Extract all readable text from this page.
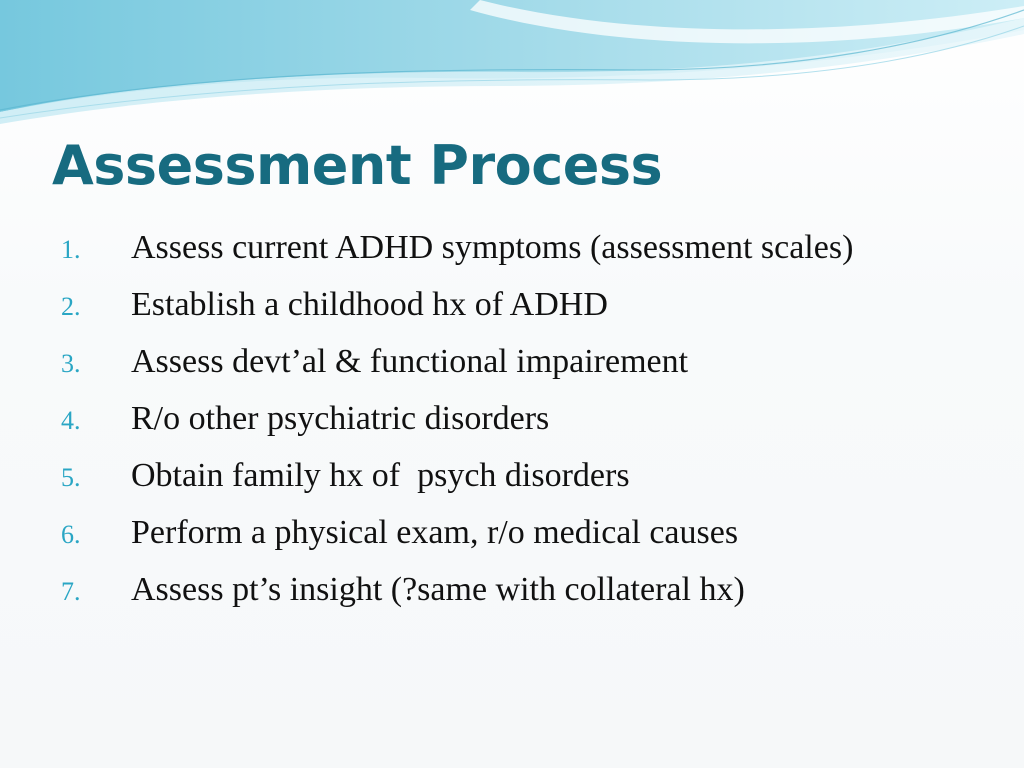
Assessment Process
1. Assess current ADHD symptoms (assessment scales)
2. Establish a childhood hx of ADHD
3. Assess devt’al & functional impairement
4. R/o other psychiatric disorders
5. Obtain family hx of  psych disorders
6. Perform a physical exam, r/o medical causes
7. Assess pt’s insight (?same with collateral hx)
